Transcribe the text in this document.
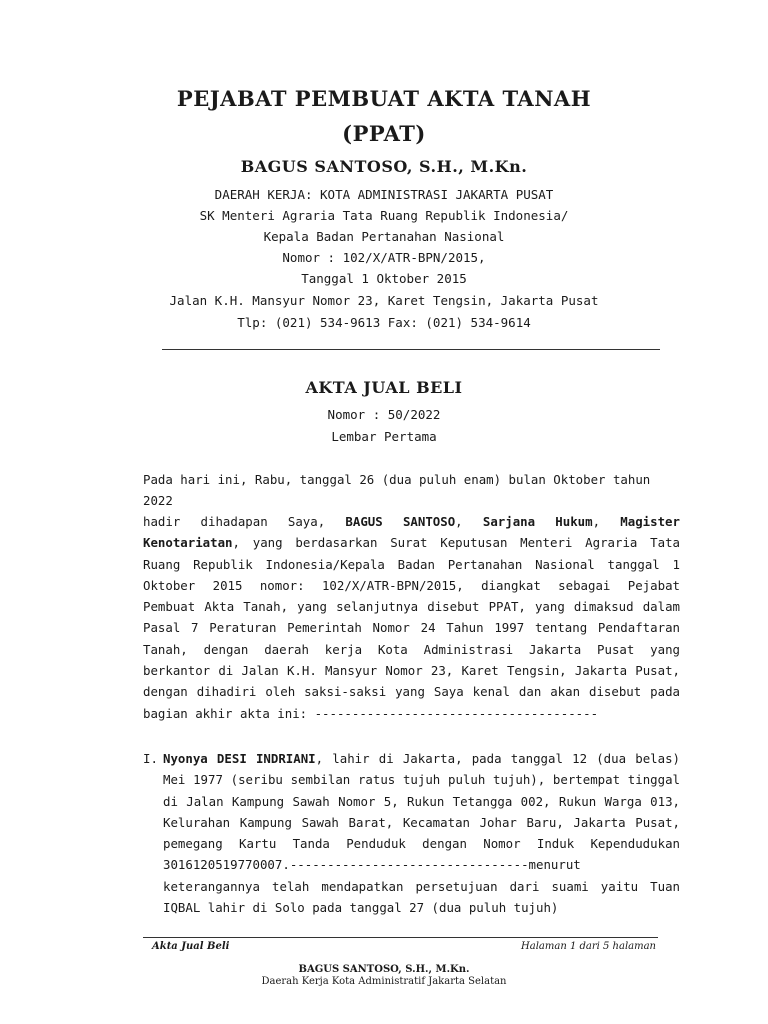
PEJABAT PEMBUAT AKTA TANAH
(PPAT)
BAGUS SANTOSO, S.H., M.Kn.
DAERAH KERJA: KOTA ADMINISTRASI JAKARTA PUSAT
SK Menteri Agraria Tata Ruang Republik Indonesia/
Kepala Badan Pertanahan Nasional
Nomor : 102/X/ATR-BPN/2015,
Tanggal 1 Oktober 2015
Jalan K.H. Mansyur Nomor 23, Karet Tengsin, Jakarta Pusat
Tlp: (021) 534-9613 Fax: (021) 534-9614
AKTA JUAL BELI
Nomor : 50/2022
Lembar Pertama
Pada hari ini, Rabu, tanggal 26 (dua puluh enam) bulan Oktober tahun 2022
hadir dihadapan Saya, BAGUS SANTOSO, Sarjana Hukum, Magister Kenotariatan, yang berdasarkan Surat Keputusan Menteri Agraria Tata Ruang Republik Indonesia/Kepala Badan Pertanahan Nasional tanggal 1 Oktober 2015 nomor: 102/X/ATR-BPN/2015, diangkat sebagai Pejabat Pembuat Akta Tanah, yang selanjutnya disebut PPAT, yang dimaksud dalam Pasal 7 Peraturan Pemerintah Nomor 24 Tahun 1997 tentang Pendaftaran Tanah, dengan daerah kerja Kota Administrasi Jakarta Pusat yang berkantor di Jalan K.H. Mansyur Nomor 23, Karet Tengsin, Jakarta Pusat, dengan dihadiri oleh saksi-saksi yang Saya kenal dan akan disebut pada bagian akhir akta ini: --------------------------------------
I. Nyonya DESI INDRIANI, lahir di Jakarta, pada tanggal 12 (dua belas) Mei 1977 (seribu sembilan ratus tujuh puluh tujuh), bertempat tinggal di Jalan Kampung Sawah Nomor 5, Rukun Tetangga 002, Rukun Warga 013, Kelurahan Kampung Sawah Barat, Kecamatan Johar Baru, Jakarta Pusat, pemegang Kartu Tanda Penduduk dengan Nomor Induk Kependudukan 3016120519770007.--------------------------------menurut keterangannya telah mendapatkan persetujuan dari suami yaitu Tuan IQBAL lahir di Solo pada tanggal 27 (dua puluh tujuh)
Akta Jual Beli	Halaman 1 dari 5 halaman
BAGUS SANTOSO, S.H., M.Kn.
Daerah Kerja Kota Administratif Jakarta Selatan
